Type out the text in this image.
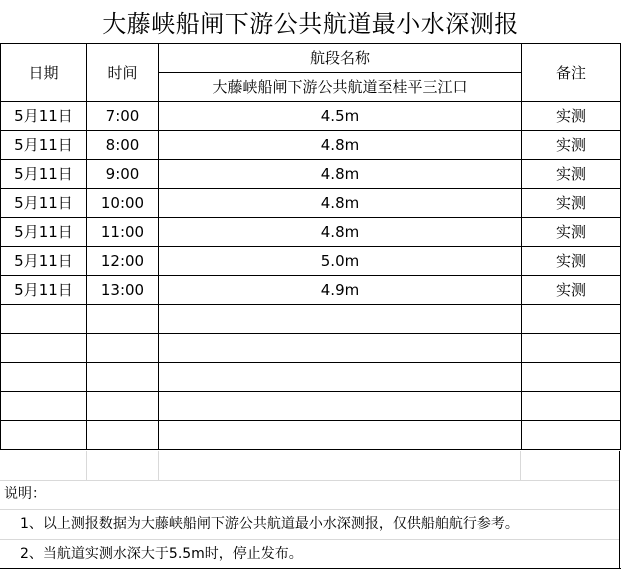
大藤峡船闸下游公共航道最小水深测报
日期	时间	航段名称	备注
		大藤峡船闸下游公共航道至桂平三江口	
5月11日	7:00	4.5m	实测
5月11日	8:00	4.8m	实测
5月11日	9:00	4.8m	实测
5月11日	10:00	4.8m	实测
5月11日	11:00	4.8m	实测
5月11日	12:00	5.0m	实测
5月11日	13:00	4.9m	实测

说明：
1、以上测报数据为大藤峡船闸下游公共航道最小水深测报，仅供船舶航行参考。
2、当航道实测水深大于5.5m时，停止发布。
